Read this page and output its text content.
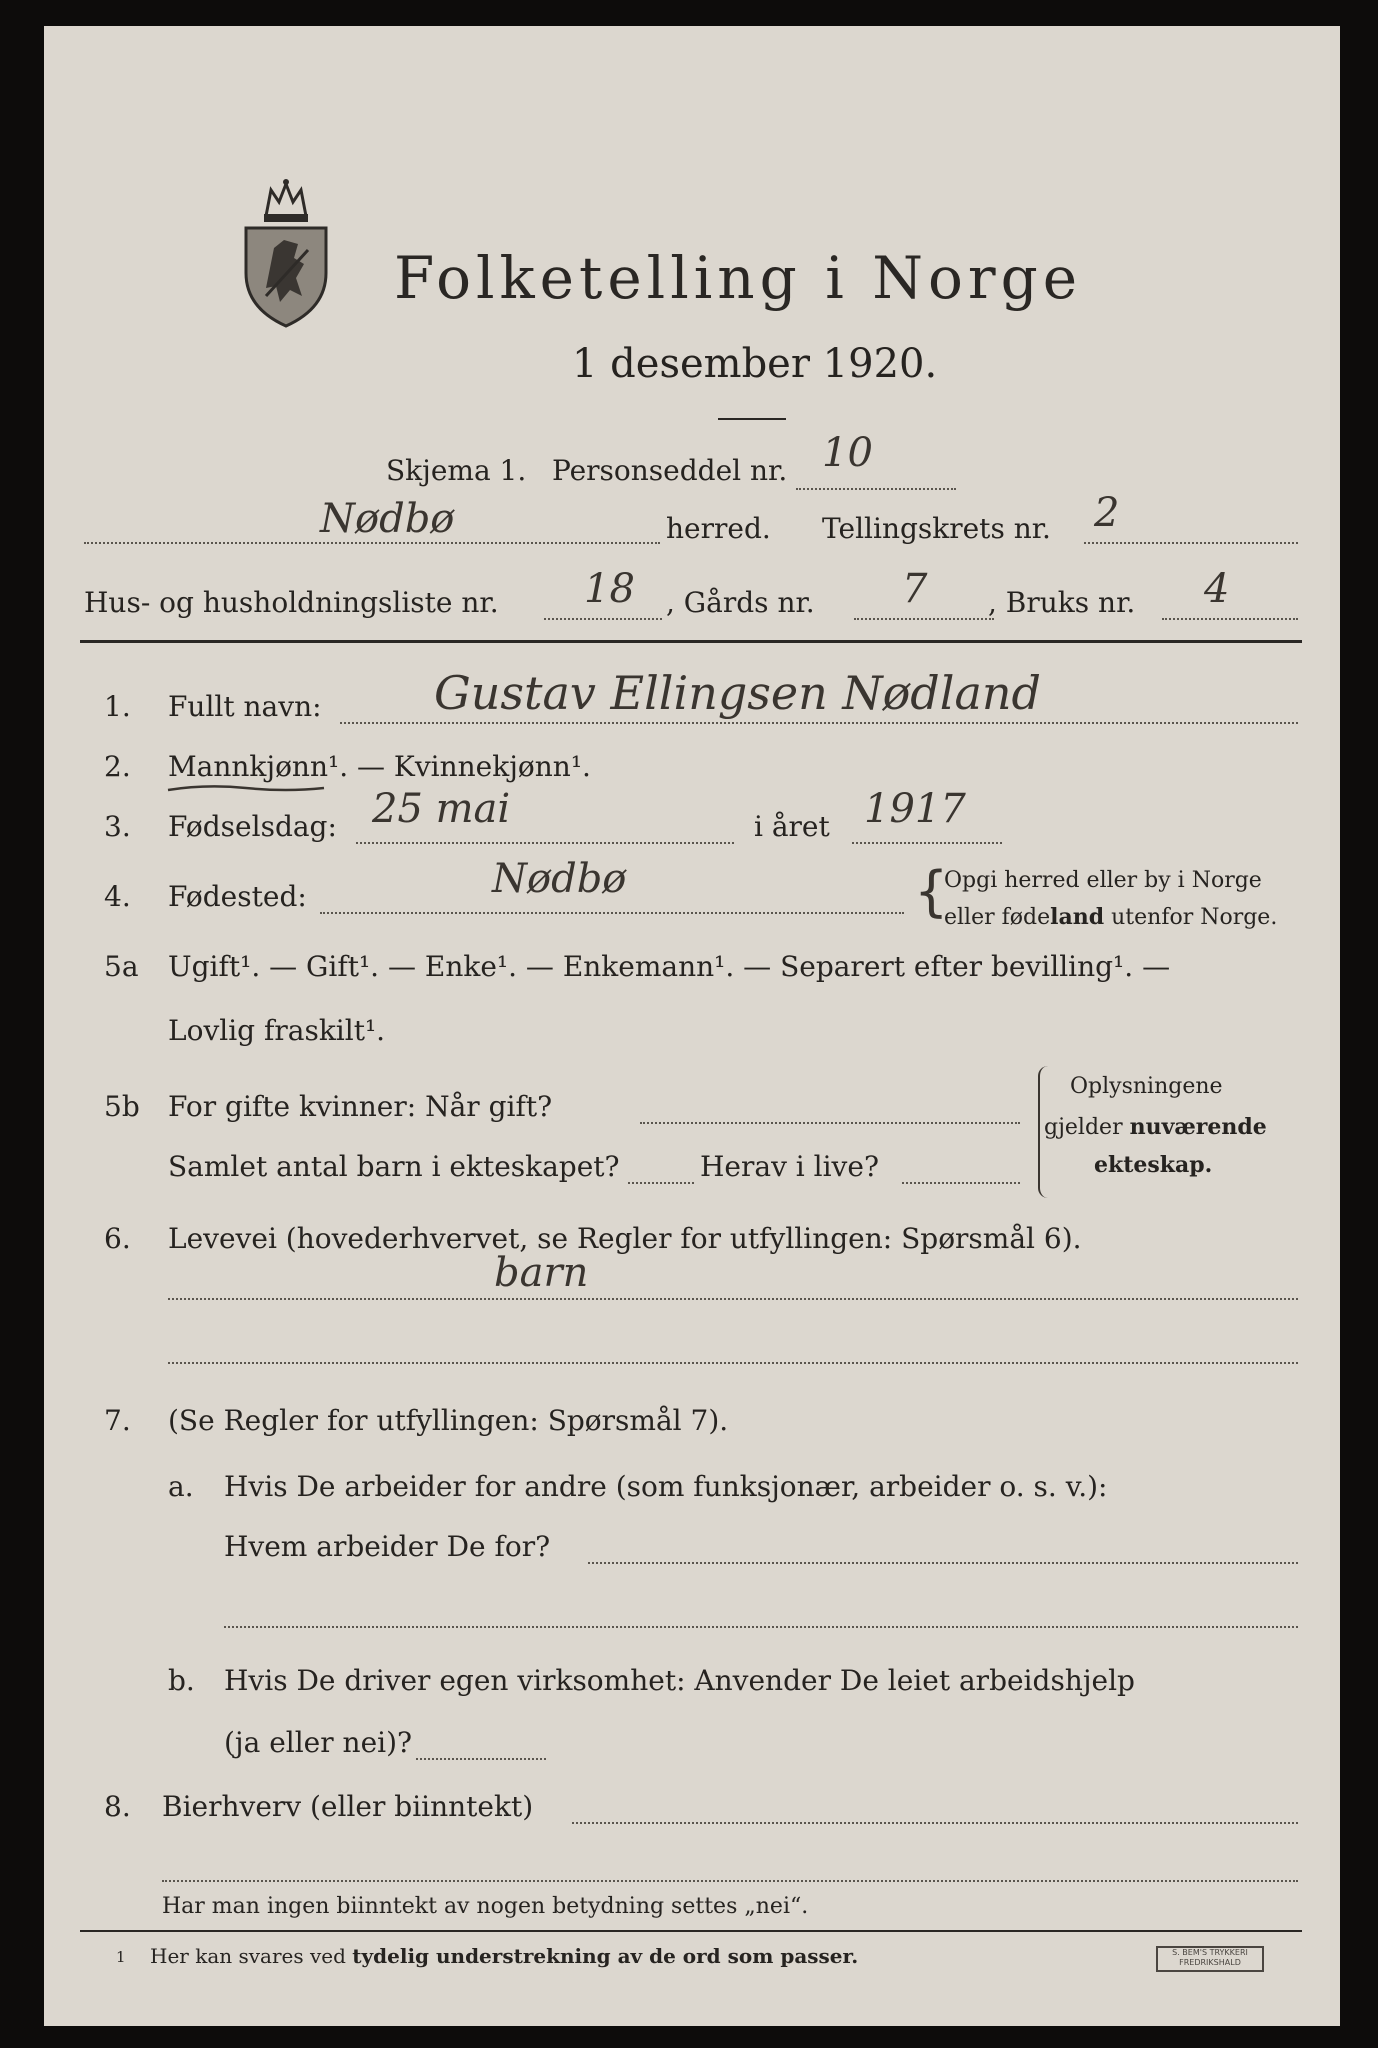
Folketelling i Norge
1 desember 1920.
Skjema 1. Personseddel nr. 10
Nødbø	herred. Tellingskrets nr. 2
Hus- og husholdningsliste nr. 18 , Gårds nr. 7 , Bruks nr. 4
1. Fullt navn: Gustav Ellingsen Nødland
2. Mannkjønn¹. — Kvinnekjønn¹.
3. Fødselsdag: 25 mai	i året 1917
4. Fødested:	Nødbø	{
Opgi herred eller by i Norge
eller fødeland utenfor Norge.
5a Ugift¹. — Gift¹. — Enke¹. — Enkemann¹. — Separert efter bevilling¹. —
Lovlig fraskilt¹.
5b For gifte kvinner: Når gift?
Samlet antal barn i ekteskapet?	Herav i live?
Oplysningene
gjelder nuværende
ekteskap.
6. Levevei (hovederhvervet, se Regler for utfyllingen: Spørsmål 6).
barn
7. (Se Regler for utfyllingen: Spørsmål 7).
a. Hvis De arbeider for andre (som funksjonær, arbeider o. s. v.):
Hvem arbeider De for?
b. Hvis De driver egen virksomhet: Anvender De leiet arbeidshjelp
(ja eller nei)?
8. Bierhverv (eller biinntekt)
Har man ingen biinntekt av nogen betydning settes „nei“.
1 Her kan svares ved tydelig understrekning av de ord som passer.	S. BEM'S TRYKKERI
FREDRIKSHALD
